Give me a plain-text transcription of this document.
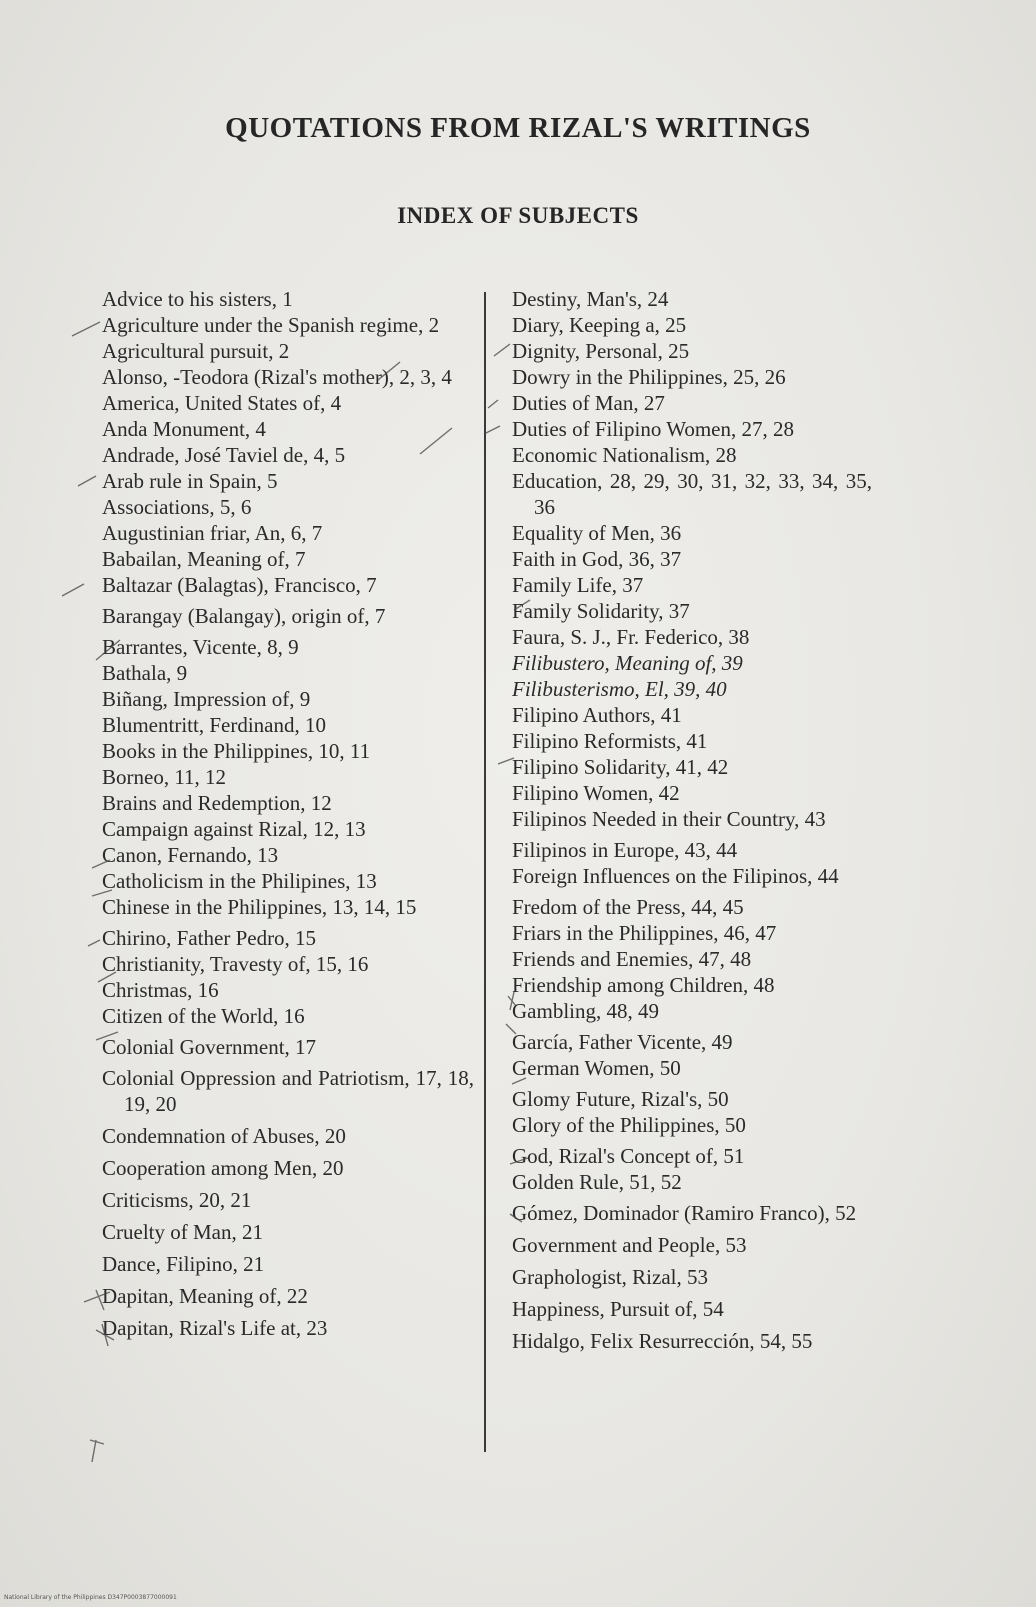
QUOTATIONS FROM RIZAL'S WRITINGS
INDEX OF SUBJECTS
Advice to his sisters, 1
Agriculture under the Spanish regime, 2
Agricultural pursuit, 2
Alonso, -Teodora (Rizal's mother), 2, 3, 4
America, United States of, 4
Anda Monument, 4
Andrade, José Taviel de, 4, 5
Arab rule in Spain, 5
Associations, 5, 6
Augustinian friar, An, 6, 7
Babailan, Meaning of, 7
Baltazar (Balagtas), Francisco, 7
Barangay (Balangay), origin of, 7
Barrantes, Vicente, 8, 9
Bathala, 9
Biñang, Impression of, 9
Blumentritt, Ferdinand, 10
Books in the Philippines, 10, 11
Borneo, 11, 12
Brains and Redemption, 12
Campaign against Rizal, 12, 13
Canon, Fernando, 13
Catholicism in the Philipines, 13
Chinese in the Philippines, 13, 14, 15
Chirino, Father Pedro, 15
Christianity, Travesty of, 15, 16
Christmas, 16
Citizen of the World, 16
Colonial Government, 17
Colonial Oppression and Patriotism, 17, 18, 19, 20
Condemnation of Abuses, 20
Cooperation among Men, 20
Criticisms, 20, 21
Cruelty of Man, 21
Dance, Filipino, 21
Dapitan, Meaning of, 22
Dapitan, Rizal's Life at, 23
Destiny, Man's, 24
Diary, Keeping a, 25
Dignity, Personal, 25
Dowry in the Philippines, 25, 26
Duties of Man, 27
Duties of Filipino Women, 27, 28
Economic Nationalism, 28
Education, 28, 29, 30, 31, 32, 33, 34, 35, 36
Equality of Men, 36
Faith in God, 36, 37
Family Life, 37
Family Solidarity, 37
Faura, S. J., Fr. Federico, 38
Filibustero, Meaning of, 39
Filibusterismo, El, 39, 40
Filipino Authors, 41
Filipino Reformists, 41
Filipino Solidarity, 41, 42
Filipino Women, 42
Filipinos Needed in their Country, 43
Filipinos in Europe, 43, 44
Foreign Influences on the Filipinos, 44
Fredom of the Press, 44, 45
Friars in the Philippines, 46, 47
Friends and Enemies, 47, 48
Friendship among Children, 48
Gambling, 48, 49
García, Father Vicente, 49
German Women, 50
Glomy Future, Rizal's, 50
Glory of the Philippines, 50
God, Rizal's Concept of, 51
Golden Rule, 51, 52
Gómez, Dominador (Ramiro Franco), 52
Government and People, 53
Graphologist, Rizal, 53
Happiness, Pursuit of, 54
Hidalgo, Felix Resurrección, 54, 55
National Library of the Philippines D347P0003877000091
